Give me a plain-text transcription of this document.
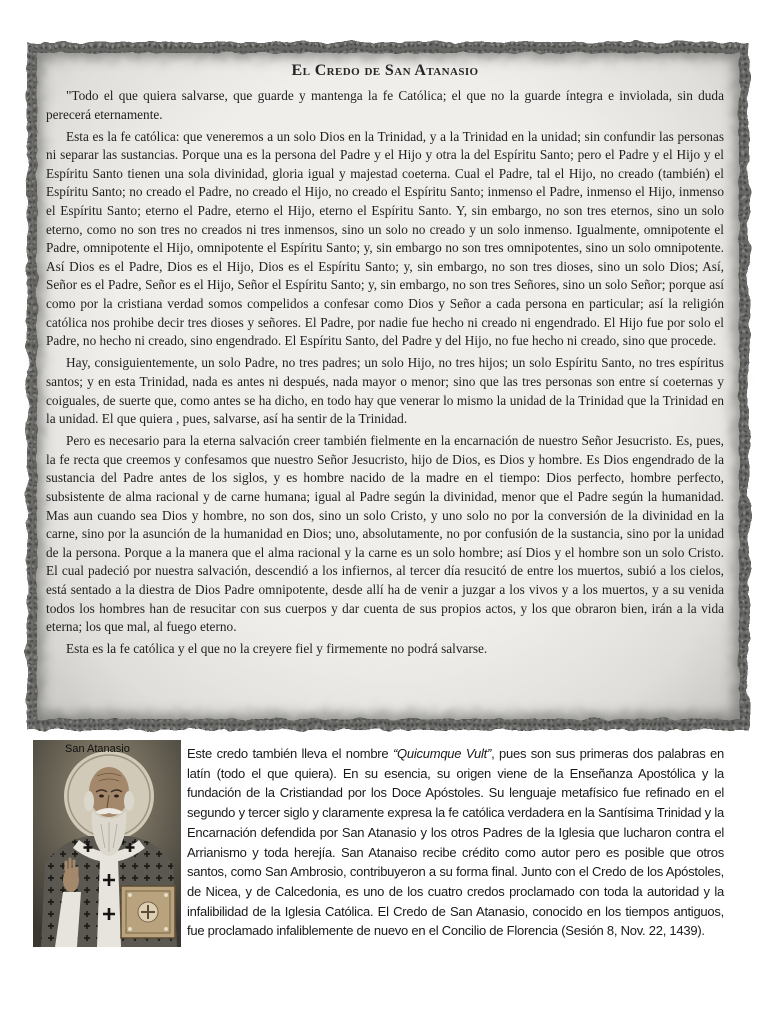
El Credo de San Atanasio

"Todo el que quiera salvarse, que guarde y mantenga la fe Católica; el que no la guarde íntegra e inviolada, sin duda perecerá eternamente.

Esta es la fe católica: que veneremos a un solo Dios en la Trinidad, y a la Trinidad en la unidad; sin confundir las personas ni separar las sustancias. Porque una es la persona del Padre y el Hijo y otra la del Espíritu Santo; pero el Padre y el Hijo y el Espíritu Santo tienen una sola divinidad, gloria igual y majestad coeterna. Cual el Padre, tal el Hijo, no creado (también) el Espíritu Santo; no creado el Padre, no creado el Hijo, no creado el Espíritu Santo; inmenso el Padre, inmenso el Hijo, inmenso el Espíritu Santo; eterno el Padre, eterno el Hijo, eterno el Espíritu Santo. Y, sin embargo, no son tres eternos, sino un solo eterno, como no son tres no creados ni tres inmensos, sino un solo no creado y un solo inmenso. Igualmente, omnipotente el Padre, omnipotente el Hijo, omnipotente el Espíritu Santo; y, sin embargo no son tres omnipotentes, sino un solo omnipotente. Así Dios es el Padre, Dios es el Hijo, Dios es el Espíritu Santo; y, sin embargo, no son tres dioses, sino un solo Dios; Así, Señor es el Padre, Señor es el Hijo, Señor el Espíritu Santo; y, sin embargo, no son tres Señores, sino un solo Señor; porque así como por la cristiana verdad somos compelidos a confesar como Dios y Señor a cada persona en particular; así la religión católica nos prohibe decir tres dioses y señores. El Padre, por nadie fue hecho ni creado ni engendrado. El Hijo fue por solo el Padre, no hecho ni creado, sino engendrado. El Espíritu Santo, del Padre y del Hijo, no fue hecho ni creado, sino que procede.

Hay, consiguientemente, un solo Padre, no tres padres; un solo Hijo, no tres hijos; un solo Espíritu Santo, no tres espíritus santos; y en esta Trinidad, nada es antes ni después, nada mayor o menor; sino que las tres personas son entre sí coeternas y coiguales, de suerte que, como antes se ha dicho, en todo hay que venerar lo mismo la unidad de la Trinidad que la Trinidad en la unidad. El que quiera , pues, salvarse, así ha sentir de la Trinidad.

Pero es necesario para la eterna salvación creer también fielmente en la encarnación de nuestro Señor Jesucristo. Es, pues, la fe recta que creemos y confesamos que nuestro Señor Jesucristo, hijo de Dios, es Dios y hombre. Es Dios engendrado de la sustancia del Padre antes de los siglos, y es hombre nacido de la madre en el tiempo: Dios perfecto, hombre perfecto, subsistente de alma racional y de carne humana; igual al Padre según la divinidad, menor que el Padre según la humanidad. Mas aun cuando sea Dios y hombre, no son dos, sino un solo Cristo, y uno solo no por la conversión de la divinidad en la carne, sino por la asunción de la humanidad en Dios; uno, absolutamente, no por confusión de la sustancia, sino por la unidad de la persona. Porque a la manera que el alma racional y la carne es un solo hombre; así Dios y el hombre son un solo Cristo. El cual padeció por nuestra salvación, descendió a los infiernos, al tercer día resucitó de entre los muertos, subió a los cielos, está sentado a la diestra de Dios Padre omnipotente, desde allí ha de venir a juzgar a los vivos y a los muertos, y a su venida todos los hombres han de resucitar con sus cuerpos y dar cuenta de sus propios actos, y los que obraron bien, irán a la vida eterna; los que mal, al fuego eterno.

Esta es la fe católica y el que no la creyere fiel y firmemente no podrá salvarse.

San Atanasio	Este credo también lleva el nombre “Quicumque Vult”, pues son sus primeras dos palabras en latín (todo el que quiera). En su esencia, su origen viene de la Enseñanza Apostólica y la fundación de la Cristiandad por los Doce Apóstoles. Su lenguaje metafísico fue refinado en el segundo y tercer siglo y claramente expresa la fe católica verdadera en la Santísima Trinidad y la Encarnación defendida por San Atanasio y los otros Padres de la Iglesia que lucharon contra el Arrianismo y toda herejía. San Atanaiso recibe crédito como autor pero es posible que otros santos, como San Ambrosio, contribuyeron a su forma final. Junto con el Credo de los Apóstoles, de Nicea, y de Calcedonia, es uno de los cuatro credos proclamado con toda la autoridad y la infalibilidad de la Iglesia Católica. El Credo de San Atanasio, conocido en los tiempos antiguos, fue proclamado infaliblemente de nuevo en el Concilio de Florencia (Sesión 8, Nov. 22, 1439).
